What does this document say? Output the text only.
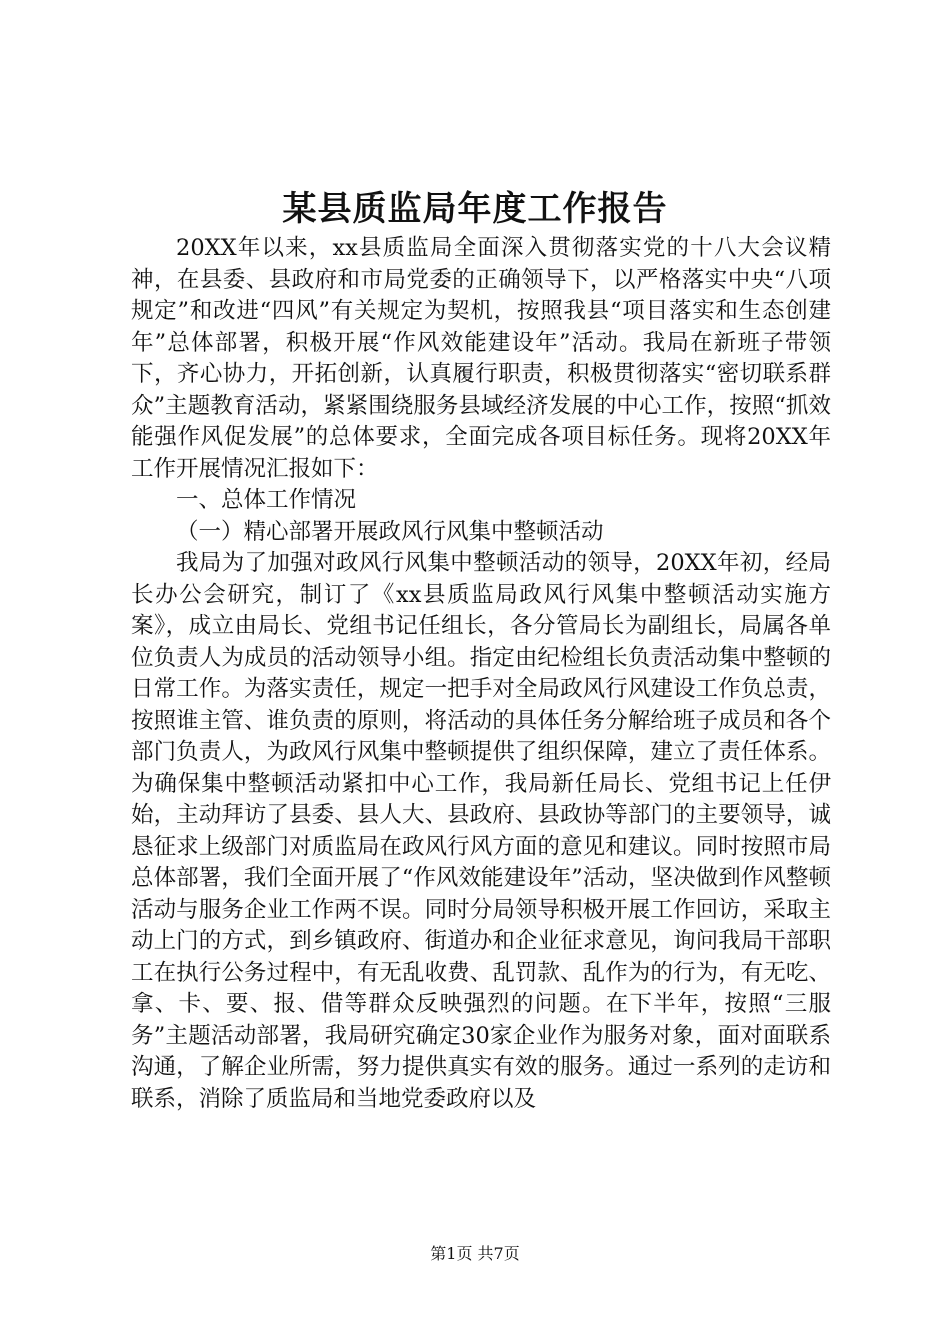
某县质监局年度工作报告

20XX年以来，xx县质监局全面深入贯彻落实党的十八大会议精神，在县委、县政府和市局党委的正确领导下，以严格落实中央“八项规定”和改进“四风”有关规定为契机，按照我县“项目落实和生态创建年”总体部署，积极开展“作风效能建设年”活动。我局在新班子带领下，齐心协力，开拓创新，认真履行职责，积极贯彻落实“密切联系群众”主题教育活动，紧紧围绕服务县域经济发展的中心工作，按照“抓效能强作风促发展”的总体要求，全面完成各项目标任务。现将20XX年工作开展情况汇报如下：

一、总体工作情况

（一）精心部署开展政风行风集中整顿活动

我局为了加强对政风行风集中整顿活动的领导，20XX年初，经局长办公会研究，制订了《xx县质监局政风行风集中整顿活动实施方案》，成立由局长、党组书记任组长，各分管局长为副组长，局属各单位负责人为成员的活动领导小组。指定由纪检组长负责活动集中整顿的日常工作。为落实责任，规定一把手对全局政风行风建设工作负总责，按照谁主管、谁负责的原则，将活动的具体任务分解给班子成员和各个部门负责人，为政风行风集中整顿提供了组织保障，建立了责任体系。为确保集中整顿活动紧扣中心工作，我局新任局长、党组书记上任伊始，主动拜访了县委、县人大、县政府、县政协等部门的主要领导，诚恳征求上级部门对质监局在政风行风方面的意见和建议。同时按照市局总体部署，我们全面开展了“作风效能建设年”活动，坚决做到作风整顿活动与服务企业工作两不误。同时分局领导积极开展工作回访，采取主动上门的方式，到乡镇政府、街道办和企业征求意见，询问我局干部职工在执行公务过程中，有无乱收费、乱罚款、乱作为的行为，有无吃、拿、卡、要、报、借等群众反映强烈的问题。在下半年，按照“三服务”主题活动部署，我局研究确定30家企业作为服务对象，面对面联系沟通，了解企业所需，努力提供真实有效的服务。通过一系列的走访和联系，消除了质监局和当地党委政府以及

第1页 共7页
